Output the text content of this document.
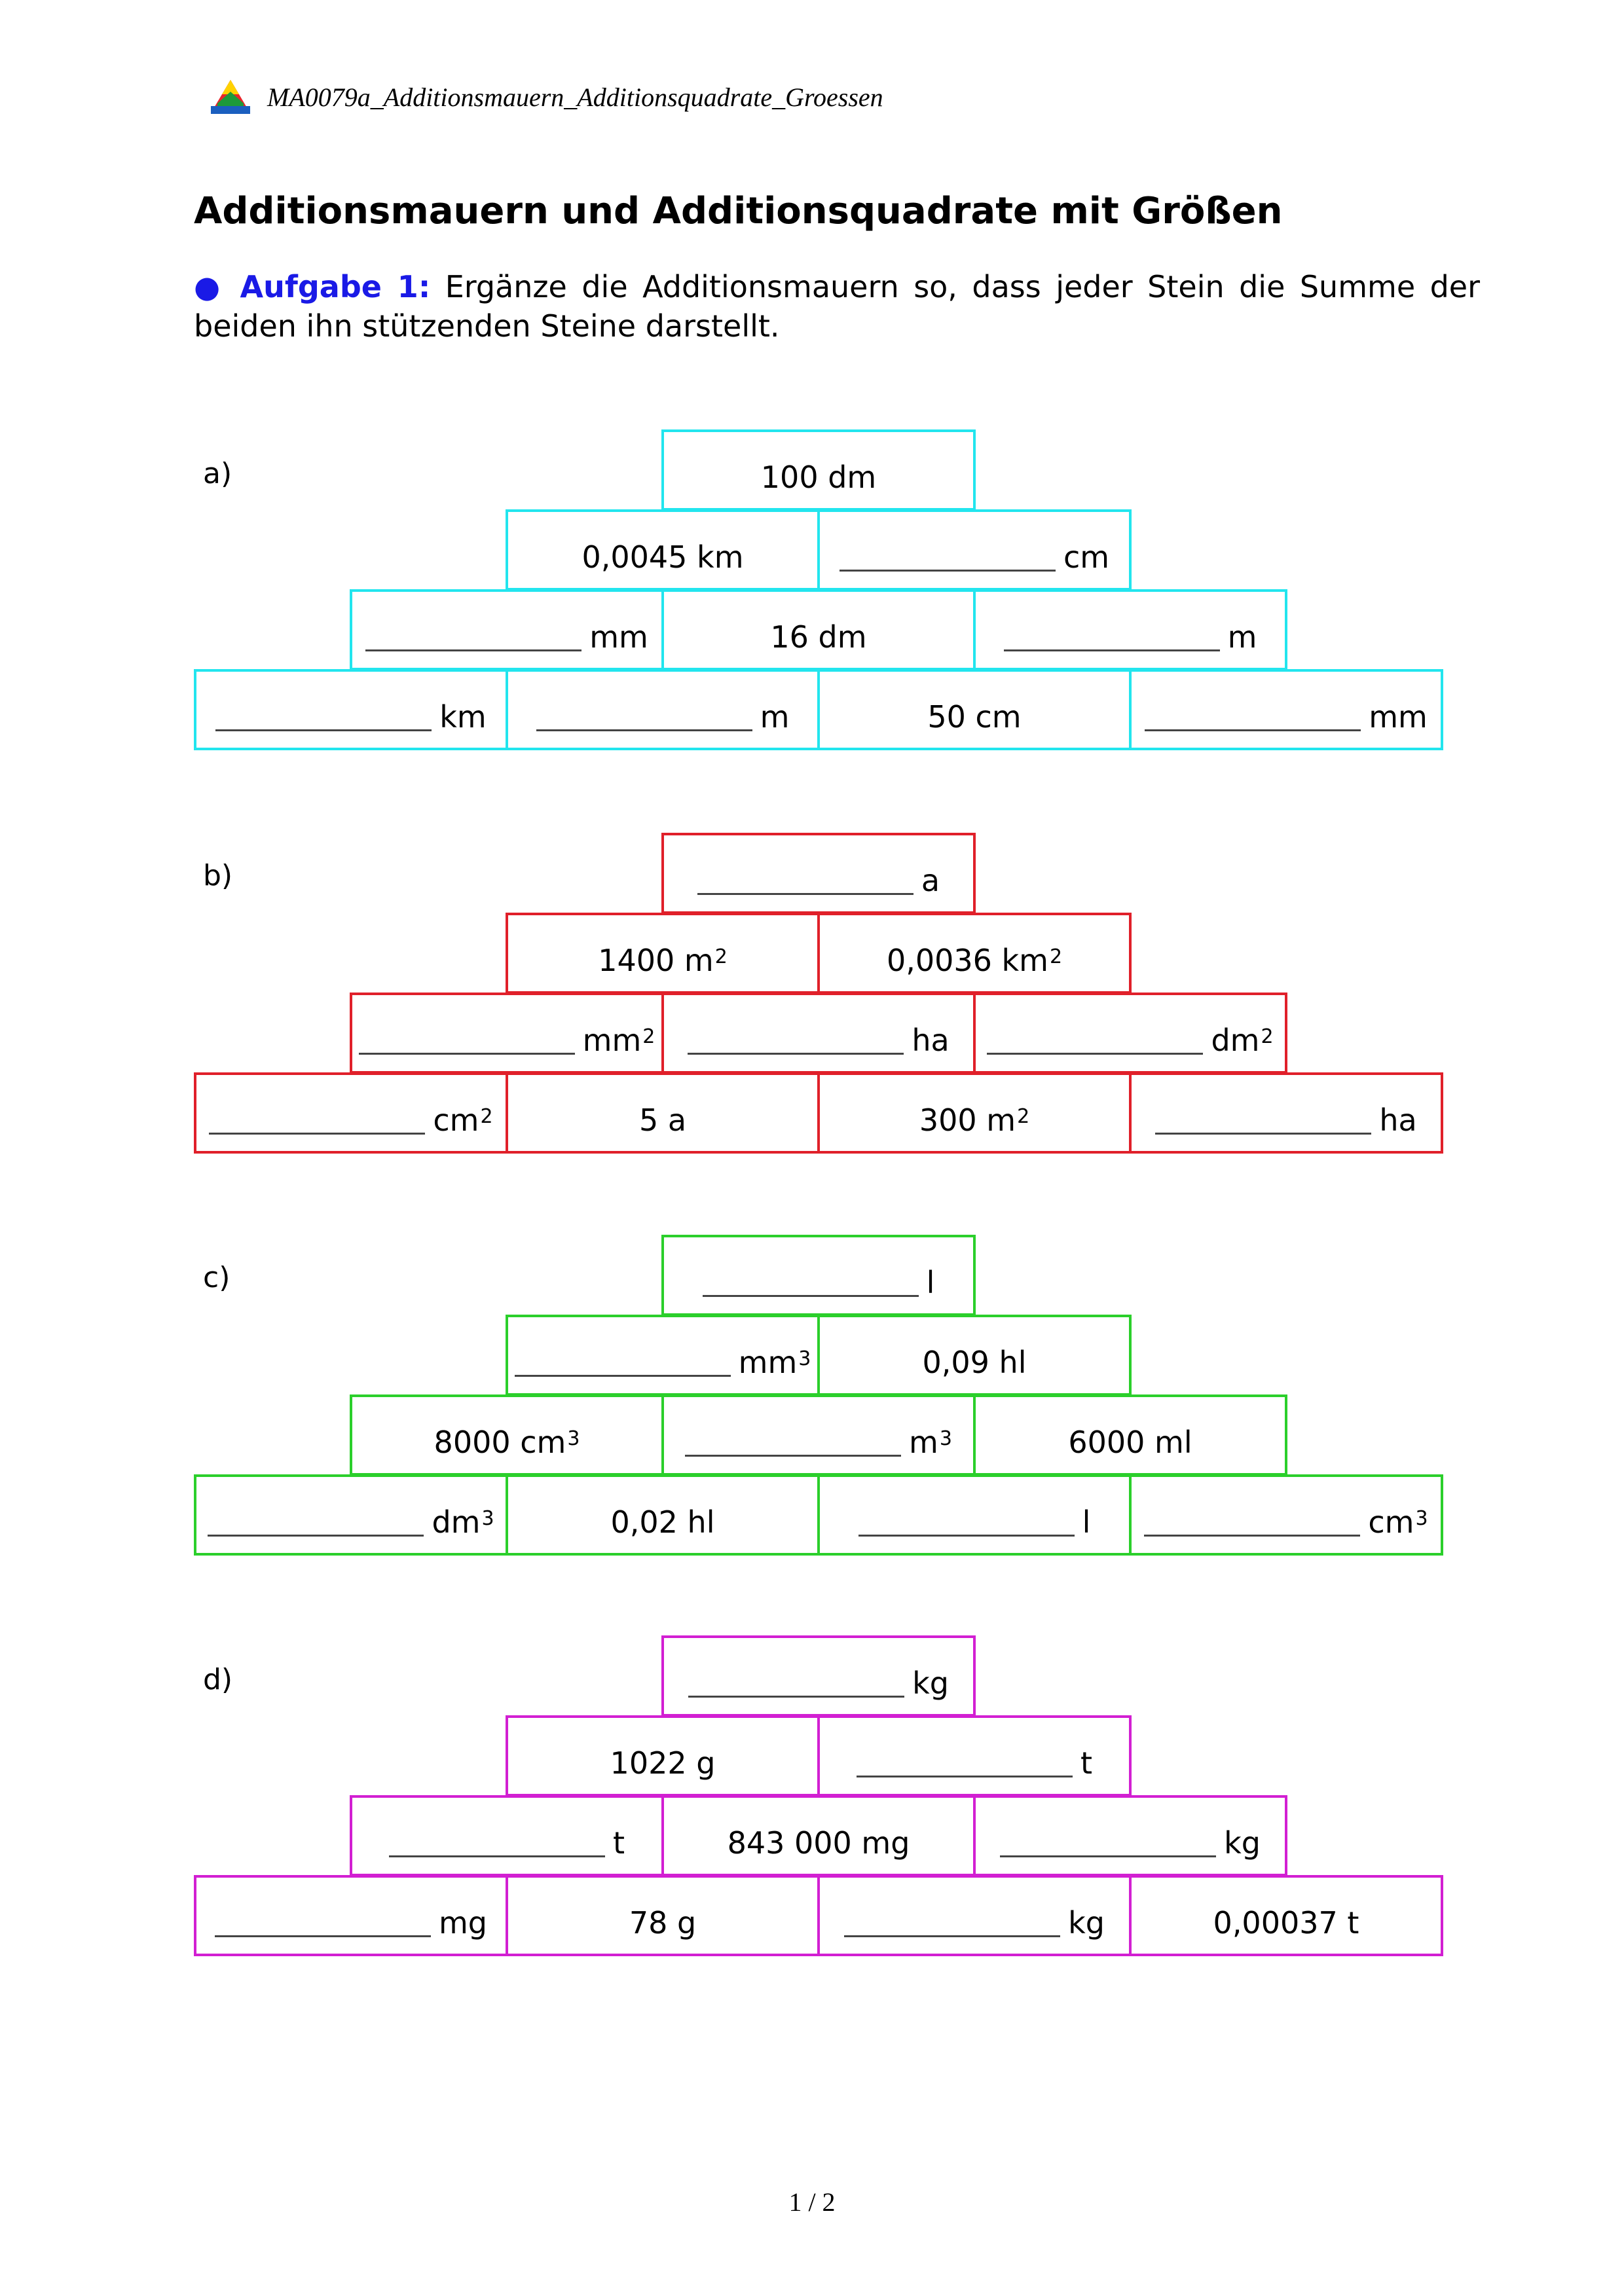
MA0079a_Additionsmauern_Additionsquadrate_Groessen
Additionsmauern und Additionsquadrate mit Größen
● Aufgabe 1: Ergänze die Additionsmauern so, dass jeder Stein die Summe der beiden ihn stützenden Steine darstellt.
a)	100 dm
0,0045 km	cm
mm	16 dm	m
km	m	50 cm	mm
b)	a
1400 $m^2$	0,0036 $km^2$
$mm^2$	ha	$dm^2$
$cm^2$	5 a	300 $m^2$	ha
c)	l
$mm^3$	0,09 hl
8000 $cm^3$	$m^3$	6000 ml
$dm^3$	0,02 hl	l	$cm^3$
d)	kg
1022 g	t
t	843 000 mg	kg
mg	78 g	kg	0,00037 t
1 / 2
